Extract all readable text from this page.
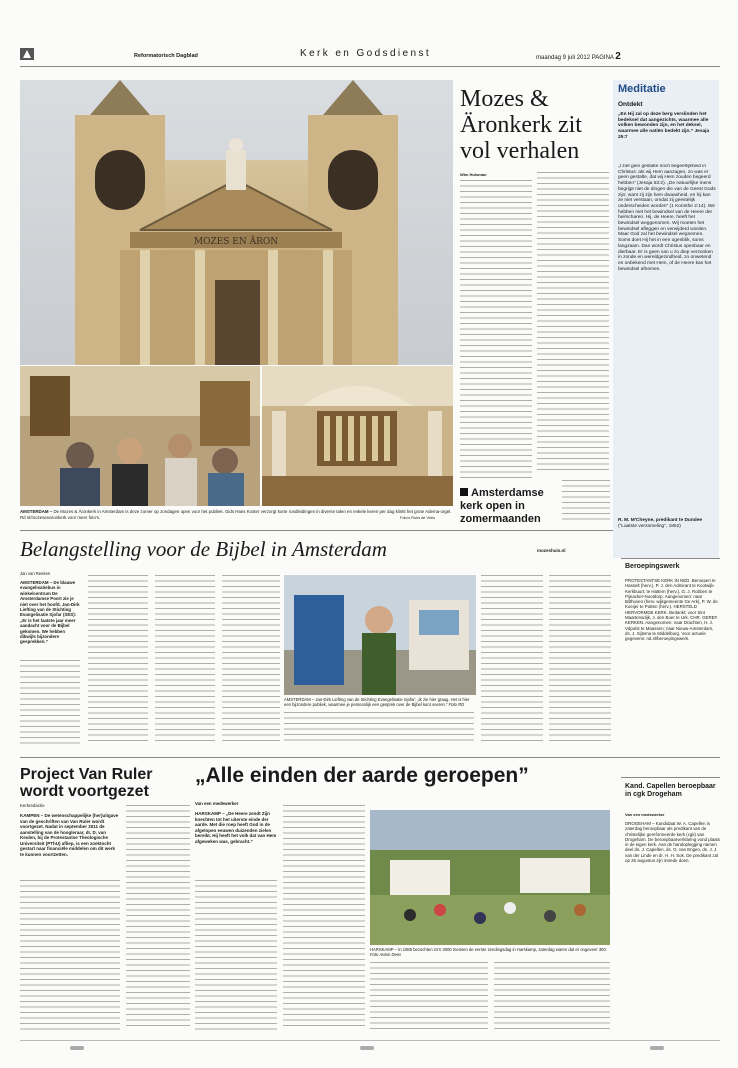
Reformatorisch Dagblad	Kerk en Godsdienst	maandag 9 juli 2012 PAGINA 2
MOZES EN ÄRON
AMSTERDAM – De Mozes & Äronkerk in Amsterdam is deze zomer op zondagen open voor het publiek. Gids Hans Koster verzorgt korte rondleidingen in diverse talen en enkele keren per dag klinkt het grote Adema-orgel. Rd nl/mozesenaronkerk voor meer foto's.	Foto's Ruhs de Vries
Mozes & Äronkerk zit vol verhalen
Wim Hulsman
Amsterdamse kerk open in zomermaanden
mozeshuis.nl
Meditatie
Ontdekt
„En Hij zal op deze berg verslinden het bedeksel dat aangezichts, waarmee alle volken bewonden zijn, en het deksel, waarmee alle natiën bedekt zijn.” Jesaja 25:7
„I ziet gein gestalte noch begeerlijkheid in Christus: als wij Hem aanzagen, zo was er geen gestalte, dat wij Hem zouden begeerd hebben” (Jesaja 53:2). „De natuurlijke mens begrijpt niet de dingen die van de Geest Gods zijn; want zij zijn hem dwaasheid, en hij kan ze niet verstaan, omdat zij geestelijk onderscheiden worden” (1 Korinthe 2:14). We hebben niet het bewindsel van de Heere der heirscharen. Hij, de Heere, heeft het bewindsel weggenomen. Wij moeten het bewindsel afleggen en verwijderd worden. Maar God zal het bewindsel wegnemen. Soms doet Hij het in een ogenblik, soms langzaam. Dan wordt Christus openbaar en dierbaar. Er is geen van u zo diep verzonken in zonde en wereldgezindheid, zo onwetend en onbekend met Hem, of de Heere kan het bewindsel afnemen.
R. M. M'Cheyne, predikant te Dundee
("Laatste verzameling", 1862)
Belangstelling voor de Bijbel in Amsterdam
Jan van Reeken
AMSTERDAM – De blauwe evangelisatiebus in winkelcentrum De Amsterdamse Poort zie je niet over het hoofd. Jan-Dirk Liefting van de Stichting Evangelisatie Sjofar (SES): „Er is het laatste jaar meer aandacht voor de Bijbel gekomen. We hebben dikwijls bijzondere gesprekken.”
AMSTERDAM – Jan-Dirk Liefting van de Stichting Evangelisatie Sjofar: „Ik zie hier graag. Het is hier een bijzondere publiek, waarmee je persoonlijk een gesprek over de Bijbel kunt voeren.” Foto RD
Beroepingswerk
PROTESTANTSE KERK IN NED. Beroepen te Hasselt (herv.), P. J. den Admirant te Kootwijk-Kerkbuurt; te Hattem (herv.), G. J. Robben te Pijnacker-Nootdorp. Aangenomen: naar Bilthoven (herv. wijkgemeente Ge Ark), P. W. de Koeijer te Putten (herv.). HERSTELD HERVORMDE KERK. Bedankt: voor Sint Maartensdijk, J. den Boer te Urk. CHR. GEREF. KERKEN. Aangenomen: naar Drachten, H. J. Vdpolst te Maassen; naar Nieuw-Amsterdam, ds. J. Sijtsma te Middelburg. Voor actuele gegevens: nd.nl/beroepingswerk.
Project Van Ruler wordt voortgezet
Kerkredactie
KAMPEN – De wetenschappelijke (her)uitgave van de geschriften van Van Ruler wordt voortgezet. Nadat in september 2011 de aanstelling van de hoogleraar, dr. D. van Keulen, bij de Protestantse Theologische Universiteit (PThU) afliep, is een zoektocht gestart naar financiële middelen om dit werk te kunnen voortzetten.
„Alle einden der aarde geroepen”
Van een medewerker
HARSKAMP – „De Heere zendt Zijn knechten tot het uiterste einde der aarde. Met die roep heeft God in de afgelopen eeuwen duizenden zielen bereikt. Hij heeft het volk dat van Hem afgeweken was, gebracht.”
HARSKAMP – In 1985 bezochten zo'n 3000 mensen de eerste zendingsdag in Harskamp, zaterdag waren dat er ongeveer 300. Foto Anton Dees
Kand. Capellen beroepbaar in cgk Drogeham
Van een medewerker
DROGEHAM – Kandidaat W. A. Capellen is zaterdag beroepbaar als predikant van de christelijke gereformeerde kerk (cgk) van Drogeham. De beroepbaarverklaring vond plaats in de eigen kerk. Aan de handoplegging namen deel ds. J. Capellen, ds. G. van Engen, ds. J. J. van der Linde en dr. H. H. Sok. De predikant zal op 26 augustus zijn intrede doen.
